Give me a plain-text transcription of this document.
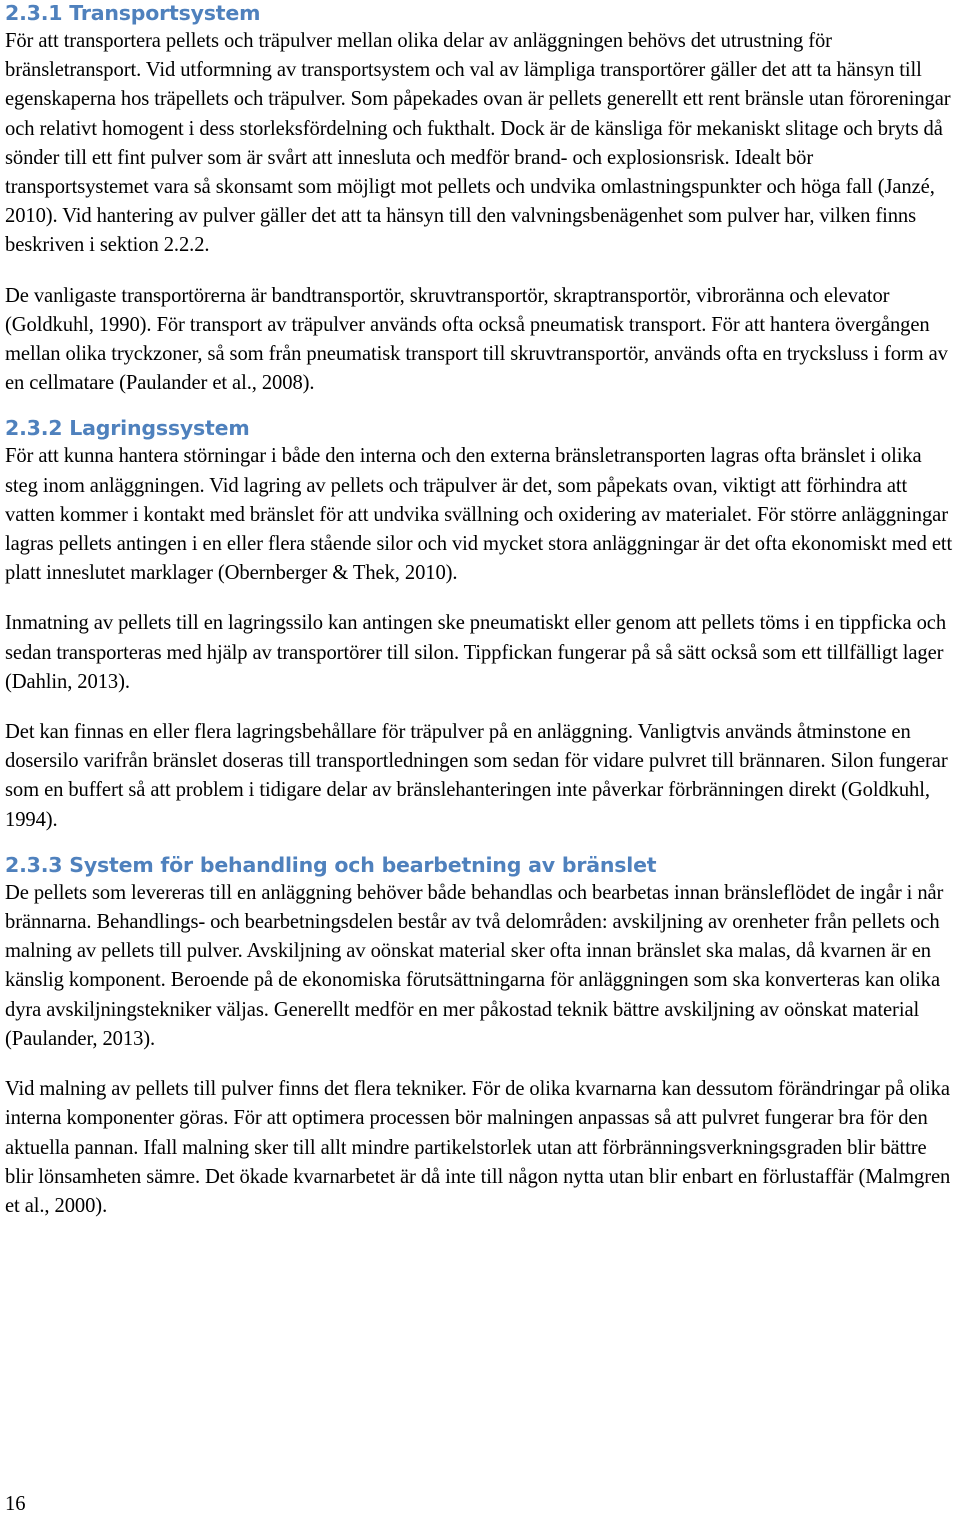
2.3.1 Transportsystem

För att transportera pellets och träpulver mellan olika delar av anläggningen behövs det utrustning för bränsletransport. Vid utformning av transportsystem och val av lämpliga transportörer gäller det att ta hänsyn till egenskaperna hos träpellets och träpulver. Som påpekades ovan är pellets generellt ett rent bränsle utan föroreningar och relativt homogent i dess storleksfördelning och fukthalt. Dock är de känsliga för mekaniskt slitage och bryts då sönder till ett fint pulver som är svårt att innesluta och medför brand- och explosionsrisk. Idealt bör transportsystemet vara så skonsamt som möjligt mot pellets och undvika omlastningspunkter och höga fall (Janzé, 2010). Vid hantering av pulver gäller det att ta hänsyn till den valvningsbenägenhet som pulver har, vilken finns beskriven i sektion 2.2.2.

De vanligaste transportörerna är bandtransportör, skruvtransportör, skraptransportör, vibroränna och elevator (Goldkuhl, 1990). För transport av träpulver används ofta också pneumatisk transport. För att hantera övergången mellan olika tryckzoner, så som från pneumatisk transport till skruvtransportör, används ofta en trycksluss i form av en cellmatare (Paulander et al., 2008).

2.3.2 Lagringssystem

För att kunna hantera störningar i både den interna och den externa bränsletransporten lagras ofta bränslet i olika steg inom anläggningen. Vid lagring av pellets och träpulver är det, som påpekats ovan, viktigt att förhindra att vatten kommer i kontakt med bränslet för att undvika svällning och oxidering av materialet. För större anläggningar lagras pellets antingen i en eller flera stående silor och vid mycket stora anläggningar är det ofta ekonomiskt med ett platt inneslutet marklager (Obernberger & Thek, 2010).

Inmatning av pellets till en lagringssilo kan antingen ske pneumatiskt eller genom att pellets töms i en tippficka och sedan transporteras med hjälp av transportörer till silon. Tippfickan fungerar på så sätt också som ett tillfälligt lager (Dahlin, 2013).

Det kan finnas en eller flera lagringsbehållare för träpulver på en anläggning. Vanligtvis används åtminstone en dosersilo varifrån bränslet doseras till transportledningen som sedan för vidare pulvret till brännaren. Silon fungerar som en buffert så att problem i tidigare delar av bränslehanteringen inte påverkar förbränningen direkt (Goldkuhl, 1994).

2.3.3 System för behandling och bearbetning av bränslet

De pellets som levereras till en anläggning behöver både behandlas och bearbetas innan bränsleflödet de ingår i når brännarna. Behandlings- och bearbetningsdelen består av två delområden: avskiljning av orenheter från pellets och malning av pellets till pulver. Avskiljning av oönskat material sker ofta innan bränslet ska malas, då kvarnen är en känslig komponent. Beroende på de ekonomiska förutsättningarna för anläggningen som ska konverteras kan olika dyra avskiljningstekniker väljas. Generellt medför en mer påkostad teknik bättre avskiljning av oönskat material (Paulander, 2013).

Vid malning av pellets till pulver finns det flera tekniker. För de olika kvarnarna kan dessutom förändringar på olika interna komponenter göras. För att optimera processen bör malningen anpassas så att pulvret fungerar bra för den aktuella pannan. Ifall malning sker till allt mindre partikelstorlek utan att förbränningsverkningsgraden blir bättre blir lönsamheten sämre. Det ökade kvarnarbetet är då inte till någon nytta utan blir enbart en förlustaffär (Malmgren et al., 2000).

16
